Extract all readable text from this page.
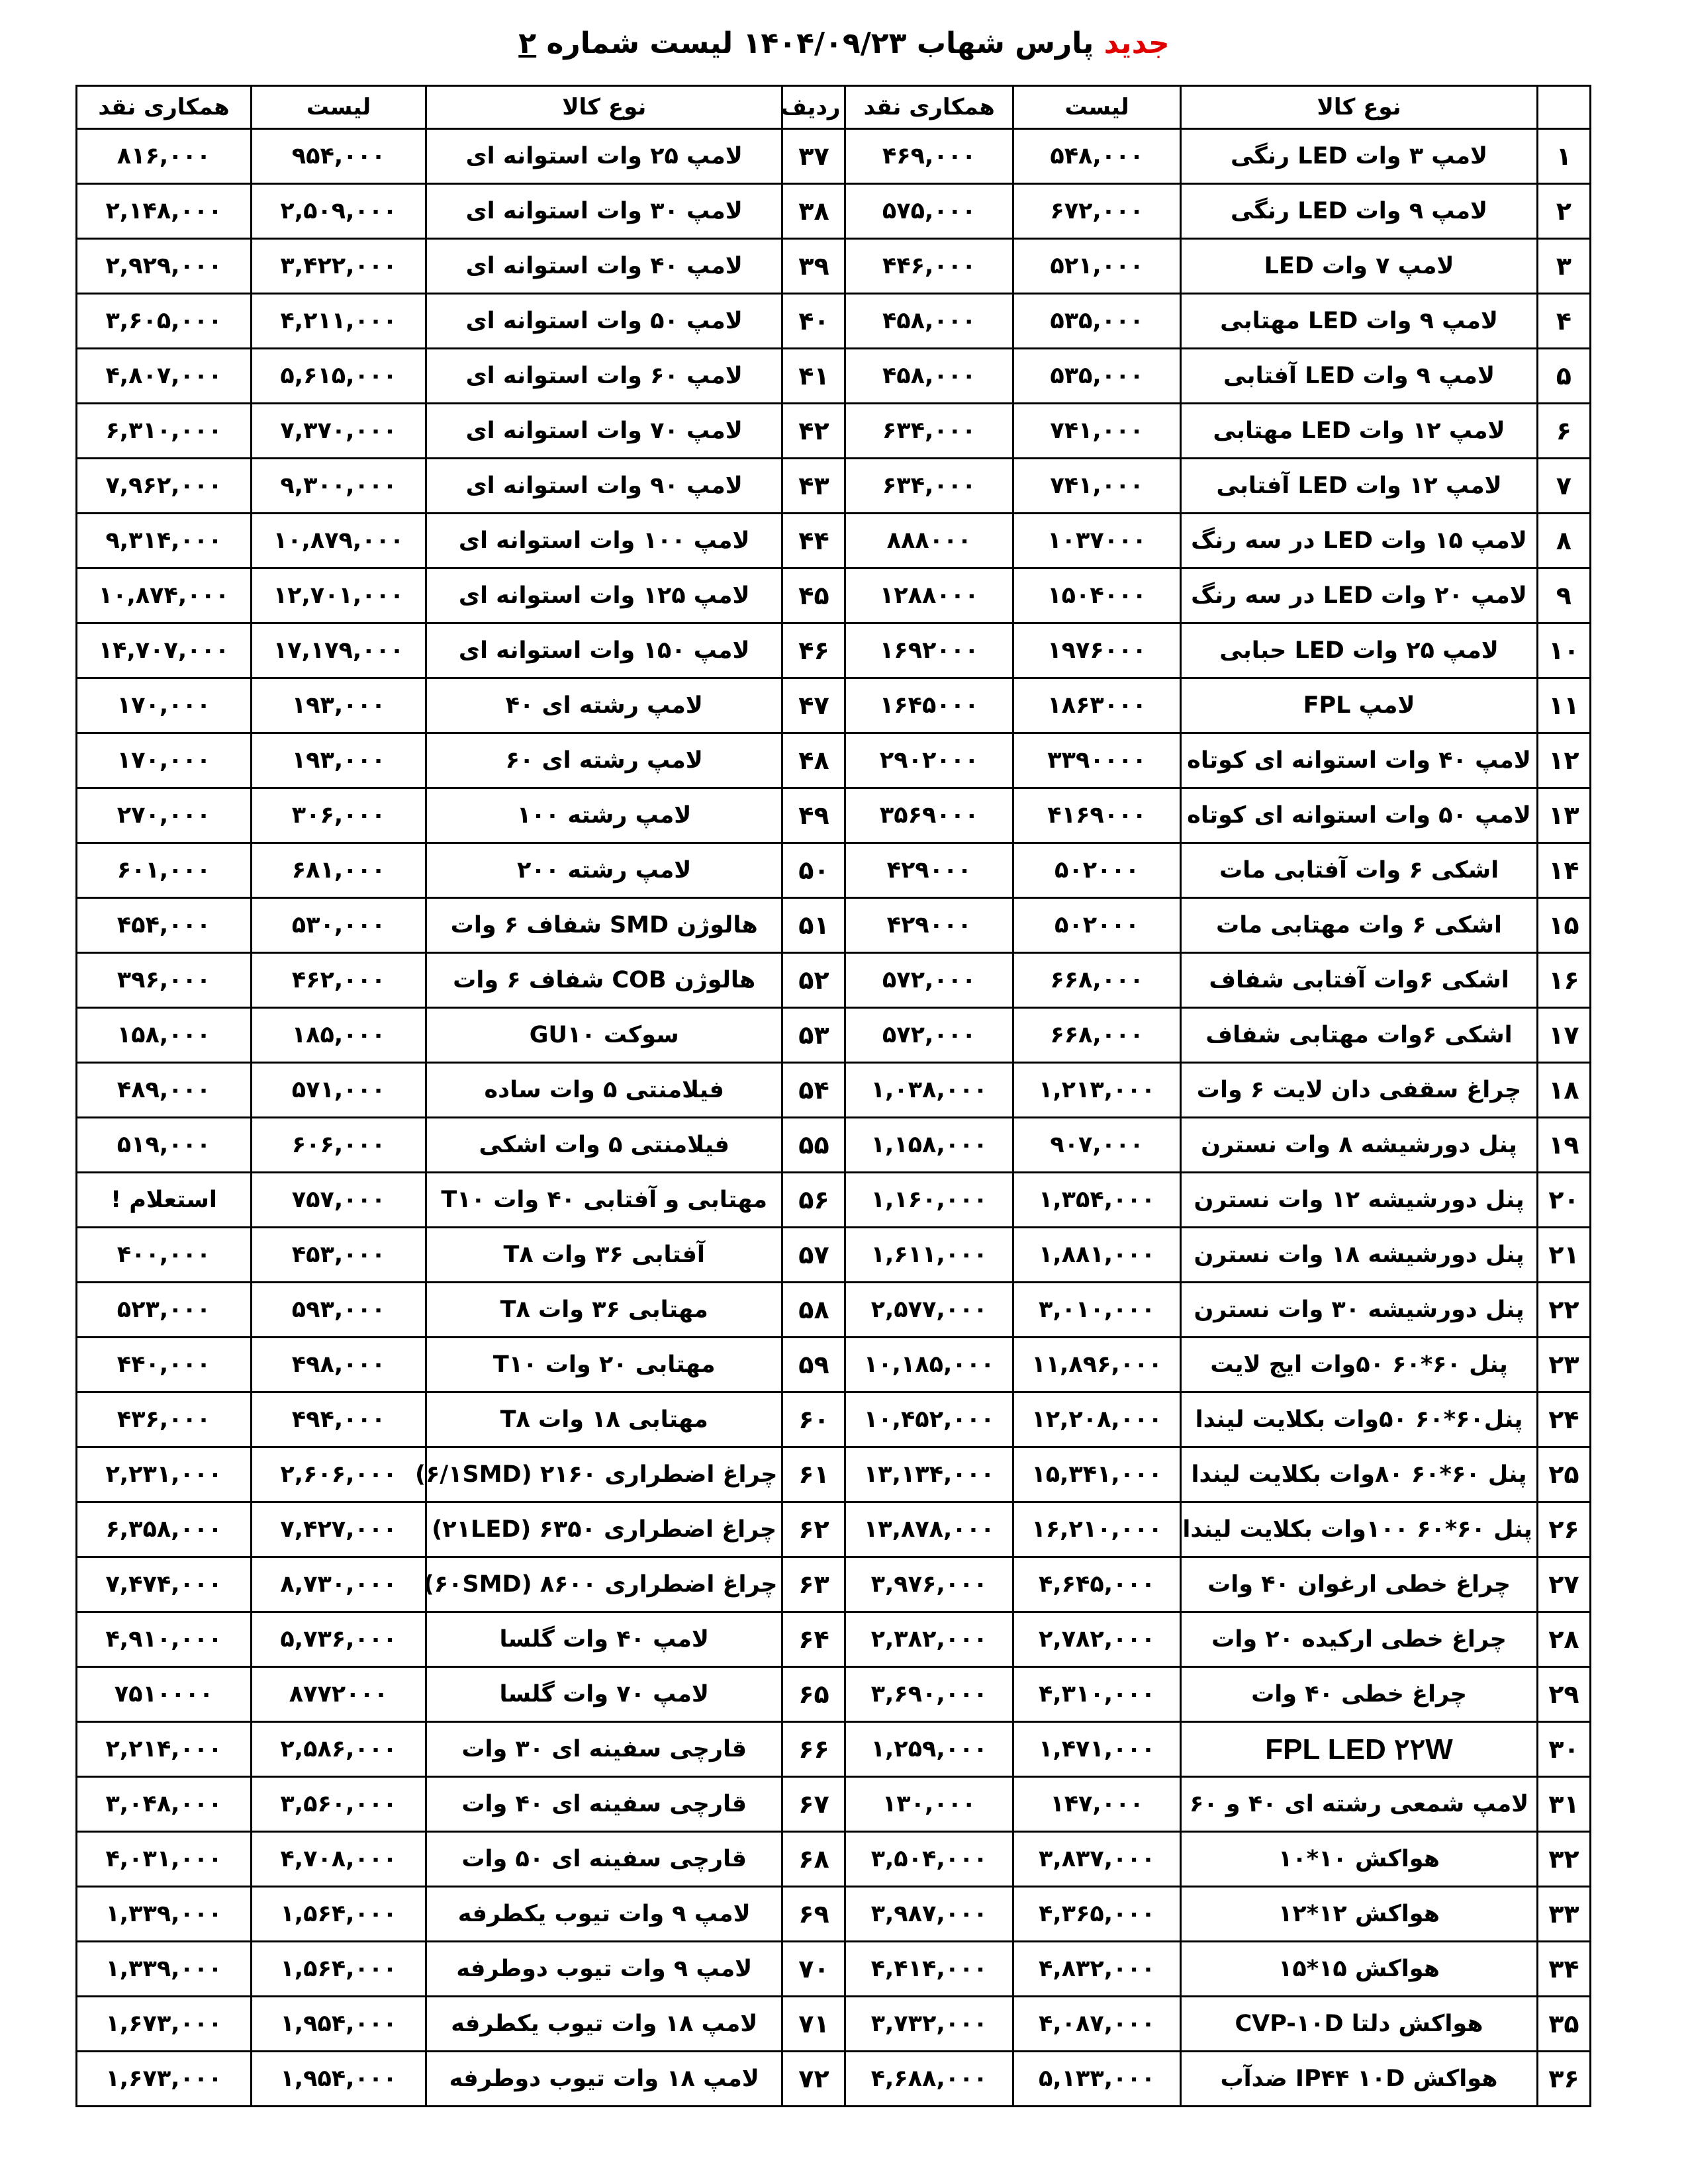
جدید پارس شهاب ۱۴۰۴/۰۹/۲۳ لیست شماره ۲
	نوع کالا	لیست	همکاری نقد	ردیف	نوع کالا	لیست	همکاری نقد
۱	لامپ ۳ وات LED رنگی	۵۴۸,۰۰۰	۴۶۹,۰۰۰	۳۷	لامپ ۲۵ وات استوانه ای	۹۵۴,۰۰۰	۸۱۶,۰۰۰
۲	لامپ ۹ وات LED رنگی	۶۷۲,۰۰۰	۵۷۵,۰۰۰	۳۸	لامپ ۳۰ وات استوانه ای	۲,۵۰۹,۰۰۰	۲,۱۴۸,۰۰۰
۳	لامپ ۷ وات LED	۵۲۱,۰۰۰	۴۴۶,۰۰۰	۳۹	لامپ ۴۰ وات استوانه ای	۳,۴۲۲,۰۰۰	۲,۹۲۹,۰۰۰
۴	لامپ ۹ وات LED مهتابی	۵۳۵,۰۰۰	۴۵۸,۰۰۰	۴۰	لامپ ۵۰ وات استوانه ای	۴,۲۱۱,۰۰۰	۳,۶۰۵,۰۰۰
۵	لامپ ۹ وات LED آفتابی	۵۳۵,۰۰۰	۴۵۸,۰۰۰	۴۱	لامپ ۶۰ وات استوانه ای	۵,۶۱۵,۰۰۰	۴,۸۰۷,۰۰۰
۶	لامپ ۱۲ وات LED مهتابی	۷۴۱,۰۰۰	۶۳۴,۰۰۰	۴۲	لامپ ۷۰ وات استوانه ای	۷,۳۷۰,۰۰۰	۶,۳۱۰,۰۰۰
۷	لامپ ۱۲ وات LED آفتابی	۷۴۱,۰۰۰	۶۳۴,۰۰۰	۴۳	لامپ ۹۰ وات استوانه ای	۹,۳۰۰,۰۰۰	۷,۹۶۲,۰۰۰
۸	لامپ ۱۵ وات LED در سه رنگ	۱۰۳۷۰۰۰	۸۸۸۰۰۰	۴۴	لامپ ۱۰۰ وات استوانه ای	۱۰,۸۷۹,۰۰۰	۹,۳۱۴,۰۰۰
۹	لامپ ۲۰ وات LED در سه رنگ	۱۵۰۴۰۰۰	۱۲۸۸۰۰۰	۴۵	لامپ ۱۲۵ وات استوانه ای	۱۲,۷۰۱,۰۰۰	۱۰,۸۷۴,۰۰۰
۱۰	لامپ ۲۵ وات LED حبابی	۱۹۷۶۰۰۰	۱۶۹۲۰۰۰	۴۶	لامپ ۱۵۰ وات استوانه ای	۱۷,۱۷۹,۰۰۰	۱۴,۷۰۷,۰۰۰
۱۱	لامپ FPL	۱۸۶۳۰۰۰	۱۶۴۵۰۰۰	۴۷	لامپ رشته ای ۴۰	۱۹۳,۰۰۰	۱۷۰,۰۰۰
۱۲	لامپ ۴۰ وات استوانه ای کوتاه	۳۳۹۰۰۰۰	۲۹۰۲۰۰۰	۴۸	لامپ رشته ای ۶۰	۱۹۳,۰۰۰	۱۷۰,۰۰۰
۱۳	لامپ ۵۰ وات استوانه ای کوتاه	۴۱۶۹۰۰۰	۳۵۶۹۰۰۰	۴۹	لامپ رشته ۱۰۰	۳۰۶,۰۰۰	۲۷۰,۰۰۰
۱۴	اشکی ۶ وات آفتابی مات	۵۰۲۰۰۰	۴۲۹۰۰۰	۵۰	لامپ رشته ۲۰۰	۶۸۱,۰۰۰	۶۰۱,۰۰۰
۱۵	اشکی ۶ وات مهتابی مات	۵۰۲۰۰۰	۴۲۹۰۰۰	۵۱	هالوژن SMD شفاف ۶ وات	۵۳۰,۰۰۰	۴۵۴,۰۰۰
۱۶	اشکی ۶وات آفتابی شفاف	۶۶۸,۰۰۰	۵۷۲,۰۰۰	۵۲	هالوژن COB شفاف ۶ وات	۴۶۲,۰۰۰	۳۹۶,۰۰۰
۱۷	اشکی ۶وات مهتابی شفاف	۶۶۸,۰۰۰	۵۷۲,۰۰۰	۵۳	سوکت GU۱۰	۱۸۵,۰۰۰	۱۵۸,۰۰۰
۱۸	چراغ سقفی دان لایت ۶ وات	۱,۲۱۳,۰۰۰	۱,۰۳۸,۰۰۰	۵۴	فیلامنتی ۵ وات ساده	۵۷۱,۰۰۰	۴۸۹,۰۰۰
۱۹	پنل دورشیشه ۸ وات نسترن	۹۰۷,۰۰۰	۱,۱۵۸,۰۰۰	۵۵	فیلامنتی ۵ وات اشکی	۶۰۶,۰۰۰	۵۱۹,۰۰۰
۲۰	پنل دورشیشه ۱۲ وات نسترن	۱,۳۵۴,۰۰۰	۱,۱۶۰,۰۰۰	۵۶	مهتابی و آفتابی ۴۰ وات T۱۰	۷۵۷,۰۰۰	استعلام !
۲۱	پنل دورشیشه ۱۸ وات نسترن	۱,۸۸۱,۰۰۰	۱,۶۱۱,۰۰۰	۵۷	آفتابی ۳۶ وات T۸	۴۵۳,۰۰۰	۴۰۰,۰۰۰
۲۲	پنل دورشیشه ۳۰ وات نسترن	۳,۰۱۰,۰۰۰	۲,۵۷۷,۰۰۰	۵۸	مهتابی ۳۶ وات T۸	۵۹۳,۰۰۰	۵۲۳,۰۰۰
۲۳	پنل ۶۰*۶۰ ۵۰وات ایج لایت	۱۱,۸۹۶,۰۰۰	۱۰,۱۸۵,۰۰۰	۵۹	مهتابی ۲۰ وات T۱۰	۴۹۸,۰۰۰	۴۴۰,۰۰۰
۲۴	پنل۶۰*۶۰ ۵۰وات بکلایت لیندا	۱۲,۲۰۸,۰۰۰	۱۰,۴۵۲,۰۰۰	۶۰	مهتابی ۱۸ وات T۸	۴۹۴,۰۰۰	۴۳۶,۰۰۰
۲۵	پنل ۶۰*۶۰ ۸۰وات بکلایت لیندا	۱۵,۳۴۱,۰۰۰	۱۳,۱۳۴,۰۰۰	۶۱	چراغ اضطراری ۲۱۶۰ (۶/۱SMD)	۲,۶۰۶,۰۰۰	۲,۲۳۱,۰۰۰
۲۶	پنل ۶۰*۶۰ ۱۰۰وات بکلایت لیندا	۱۶,۲۱۰,۰۰۰	۱۳,۸۷۸,۰۰۰	۶۲	چراغ اضطراری ۶۳۵۰ (۲۱LED)	۷,۴۲۷,۰۰۰	۶,۳۵۸,۰۰۰
۲۷	چراغ خطی ارغوان ۴۰ وات	۴,۶۴۵,۰۰۰	۳,۹۷۶,۰۰۰	۶۳	چراغ اضطراری ۸۶۰۰ (۶۰SMD)	۸,۷۳۰,۰۰۰	۷,۴۷۴,۰۰۰
۲۸	چراغ خطی ارکیده ۲۰ وات	۲,۷۸۲,۰۰۰	۲,۳۸۲,۰۰۰	۶۴	لامپ ۴۰ وات گلسا	۵,۷۳۶,۰۰۰	۴,۹۱۰,۰۰۰
۲۹	چراغ خطی ۴۰ وات	۴,۳۱۰,۰۰۰	۳,۶۹۰,۰۰۰	۶۵	لامپ ۷۰ وات گلسا	۸۷۷۲۰۰۰	۷۵۱۰۰۰۰
۳۰	FPL LED ۲۲W	۱,۴۷۱,۰۰۰	۱,۲۵۹,۰۰۰	۶۶	قارچی سفینه ای ۳۰ وات	۲,۵۸۶,۰۰۰	۲,۲۱۴,۰۰۰
۳۱	لامپ شمعی رشته ای ۴۰ و ۶۰	۱۴۷,۰۰۰	۱۳۰,۰۰۰	۶۷	قارچی سفینه ای ۴۰ وات	۳,۵۶۰,۰۰۰	۳,۰۴۸,۰۰۰
۳۲	هواکش ۱۰*۱۰	۳,۸۳۷,۰۰۰	۳,۵۰۴,۰۰۰	۶۸	قارچی سفینه ای ۵۰ وات	۴,۷۰۸,۰۰۰	۴,۰۳۱,۰۰۰
۳۳	هواکش ۱۲*۱۲	۴,۳۶۵,۰۰۰	۳,۹۸۷,۰۰۰	۶۹	لامپ ۹ وات تیوب یکطرفه	۱,۵۶۴,۰۰۰	۱,۳۳۹,۰۰۰
۳۴	هواکش ۱۵*۱۵	۴,۸۳۲,۰۰۰	۴,۴۱۴,۰۰۰	۷۰	لامپ ۹ وات تیوب دوطرفه	۱,۵۶۴,۰۰۰	۱,۳۳۹,۰۰۰
۳۵	هواکش دلتا CVP-۱۰D	۴,۰۸۷,۰۰۰	۳,۷۳۲,۰۰۰	۷۱	لامپ ۱۸ وات تیوب یکطرفه	۱,۹۵۴,۰۰۰	۱,۶۷۳,۰۰۰
۳۶	هواکش IP۴۴ ۱۰D ضدآب	۵,۱۳۳,۰۰۰	۴,۶۸۸,۰۰۰	۷۲	لامپ ۱۸ وات تیوب دوطرفه	۱,۹۵۴,۰۰۰	۱,۶۷۳,۰۰۰
